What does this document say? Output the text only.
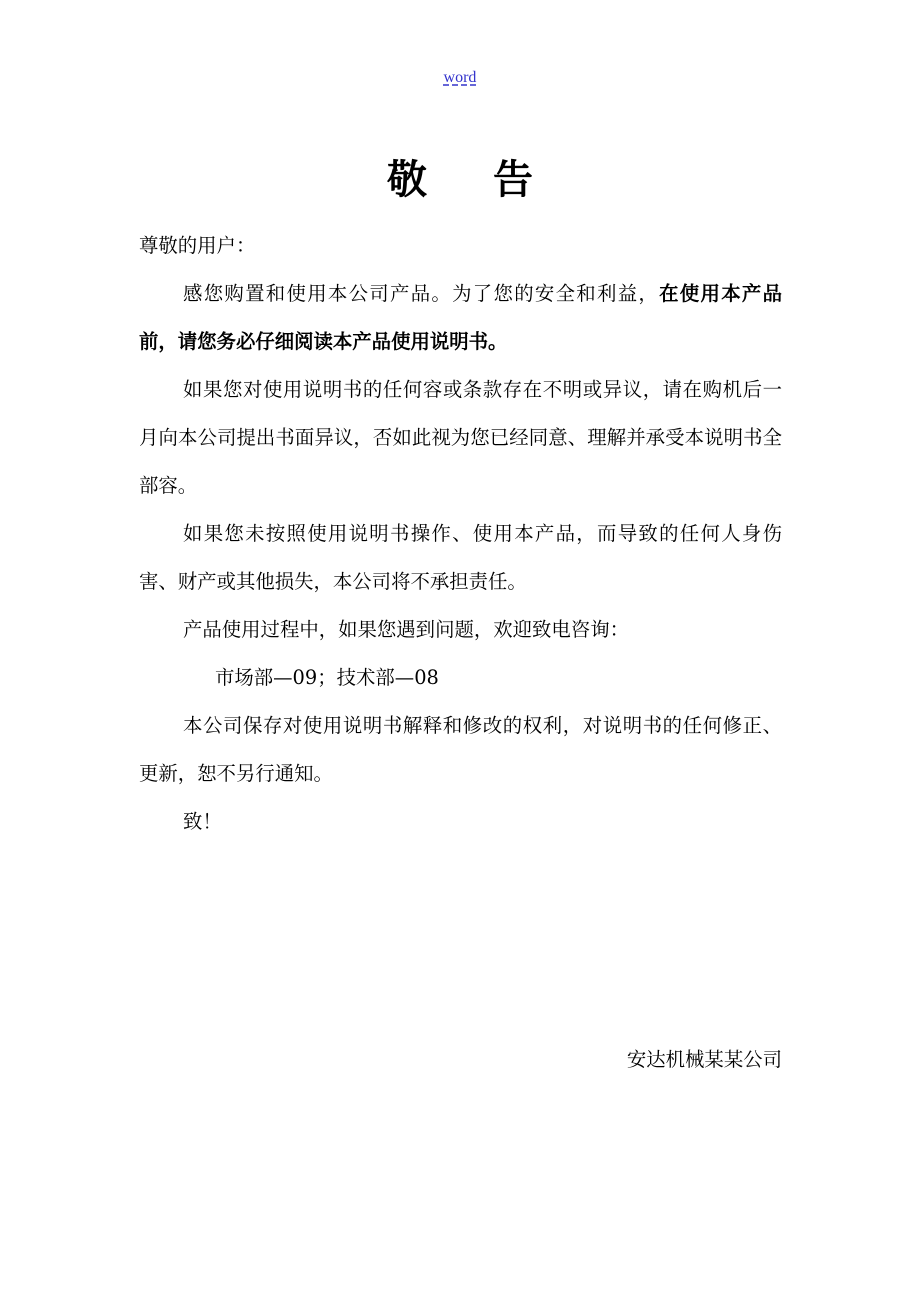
word
敬 告

尊敬的用户：

感您购置和使用本公司产品。为了您的安全和利益，在使用本产品前，请您务必仔细阅读本产品使用说明书。

如果您对使用说明书的任何容或条款存在不明或异议，请在购机后一月向本公司提出书面异议，否如此视为您已经同意、理解并承受本说明书全部容。

如果您未按照使用说明书操作、使用本产品，而导致的任何人身伤害、财产或其他损失，本公司将不承担责任。

产品使用过程中，如果您遇到问题，欢迎致电咨询：

市场部—09；技术部—08

本公司保存对使用说明书解释和修改的权利，对说明书的任何修正、更新，恕不另行通知。

致！

安达机械某某公司
